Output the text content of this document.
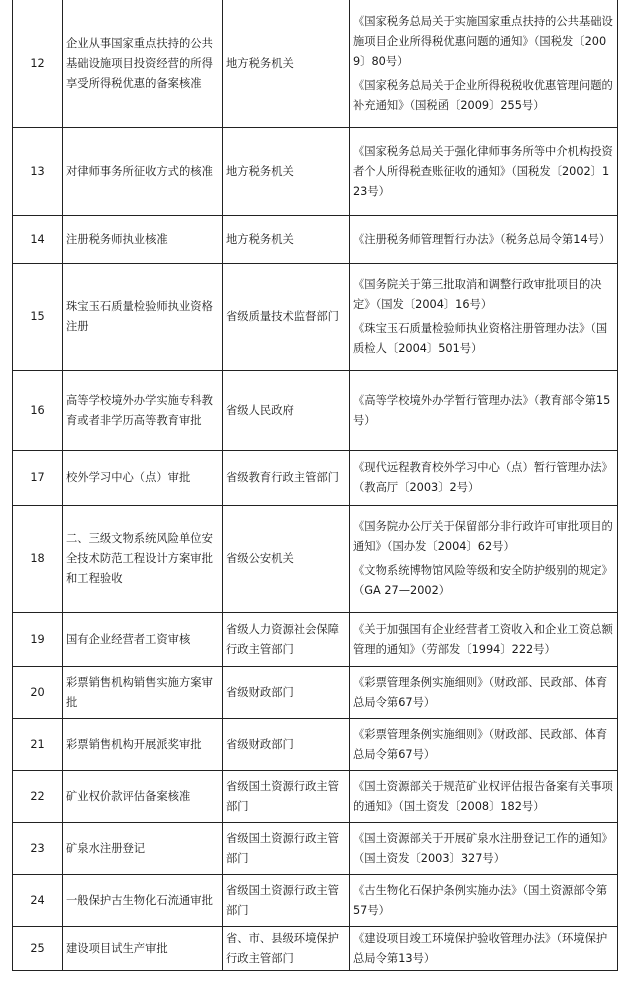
12	企业从事国家重点扶持的公共基础设施项目投资经营的所得享受所得税优惠的备案核准	地方税务机关	《国家税务总局关于实施国家重点扶持的公共基础设施项目企业所得税优惠问题的通知》（国税发〔2009〕80号）

《国家税务总局关于企业所得税税收优惠管理问题的补充通知》（国税函〔2009〕255号）

13	对律师事务所征收方式的核准	地方税务机关	《国家税务总局关于强化律师事务所等中介机构投资者个人所得税查账征收的通知》（国税发〔2002〕123号）

14	注册税务师执业核准	地方税务机关	《注册税务师管理暂行办法》（税务总局令第14号）

15	珠宝玉石质量检验师执业资格注册	省级质量技术监督部门	《国务院关于第三批取消和调整行政审批项目的决定》（国发〔2004〕16号）

《珠宝玉石质量检验师执业资格注册管理办法》（国质检人〔2004〕501号）

16	高等学校境外办学实施专科教育或者非学历高等教育审批	省级人民政府	《高等学校境外办学暂行管理办法》（教育部令第15号）

17	校外学习中心（点）审批	省级教育行政主管部门	《现代远程教育校外学习中心（点）暂行管理办法》（教高厅〔2003〕2号）

18	二、三级文物系统风险单位安全技术防范工程设计方案审批和工程验收	省级公安机关	《国务院办公厅关于保留部分非行政许可审批项目的通知》（国办发〔2004〕62号）

《文物系统博物馆风险等级和安全防护级别的规定》（GA 27—2002）

19	国有企业经营者工资审核	省级人力资源社会保障行政主管部门	《关于加强国有企业经营者工资收入和企业工资总额管理的通知》（劳部发〔1994〕222号）

20	彩票销售机构销售实施方案审批	省级财政部门	《彩票管理条例实施细则》（财政部、民政部、体育总局令第67号）

21	彩票销售机构开展派奖审批	省级财政部门	《彩票管理条例实施细则》（财政部、民政部、体育总局令第67号）

22	矿业权价款评估备案核准	省级国土资源行政主管部门	《国土资源部关于规范矿业权评估报告备案有关事项的通知》（国土资发〔2008〕182号）

23	矿泉水注册登记	省级国土资源行政主管部门	《国土资源部关于开展矿泉水注册登记工作的通知》（国土资发〔2003〕327号）

24	一般保护古生物化石流通审批	省级国土资源行政主管部门	《古生物化石保护条例实施办法》（国土资源部令第57号）

25	建设项目试生产审批	省、市、县级环境保护行政主管部门	《建设项目竣工环境保护验收管理办法》（环境保护总局令第13号）
